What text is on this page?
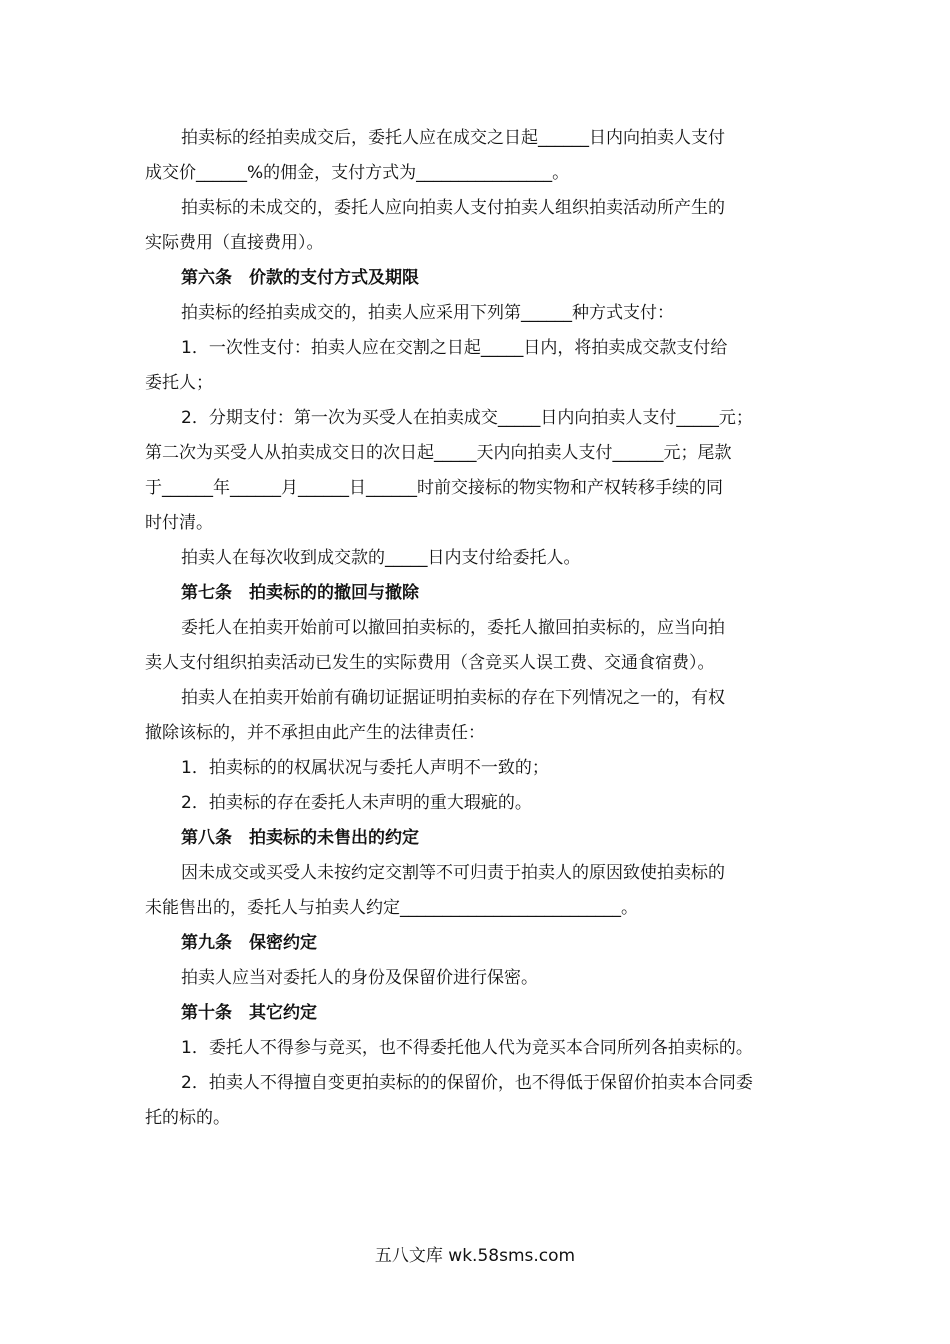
拍卖标的经拍卖成交后，委托人应在成交之日起______日内向拍卖人支付

成交价______%的佣金，支付方式为________________。

拍卖标的未成交的，委托人应向拍卖人支付拍卖人组织拍卖活动所产生的

实际费用（直接费用）。

第六条　价款的支付方式及期限

拍卖标的经拍卖成交的，拍卖人应采用下列第______种方式支付：

1．一次性支付：拍卖人应在交割之日起_____日内，将拍卖成交款支付给

委托人；

2．分期支付：第一次为买受人在拍卖成交_____日内向拍卖人支付_____元；

第二次为买受人从拍卖成交日的次日起_____天内向拍卖人支付______元；尾款

于______年______月______日______时前交接标的物实物和产权转移手续的同

时付清。

拍卖人在每次收到成交款的_____日内支付给委托人。

第七条　拍卖标的的撤回与撤除

委托人在拍卖开始前可以撤回拍卖标的，委托人撤回拍卖标的，应当向拍

卖人支付组织拍卖活动已发生的实际费用（含竞买人误工费、交通食宿费）。

拍卖人在拍卖开始前有确切证据证明拍卖标的存在下列情况之一的，有权

撤除该标的，并不承担由此产生的法律责任：

1．拍卖标的的权属状况与委托人声明不一致的；

2．拍卖标的存在委托人未声明的重大瑕疵的。

第八条　拍卖标的未售出的约定

因未成交或买受人未按约定交割等不可归责于拍卖人的原因致使拍卖标的

未能售出的，委托人与拍卖人约定__________________________。

第九条　保密约定

拍卖人应当对委托人的身份及保留价进行保密。

第十条　其它约定

1．委托人不得参与竞买，也不得委托他人代为竞买本合同所列各拍卖标的。

2．拍卖人不得擅自变更拍卖标的的保留价，也不得低于保留价拍卖本合同委

托的标的。

五八文库 wk.58sms.com
